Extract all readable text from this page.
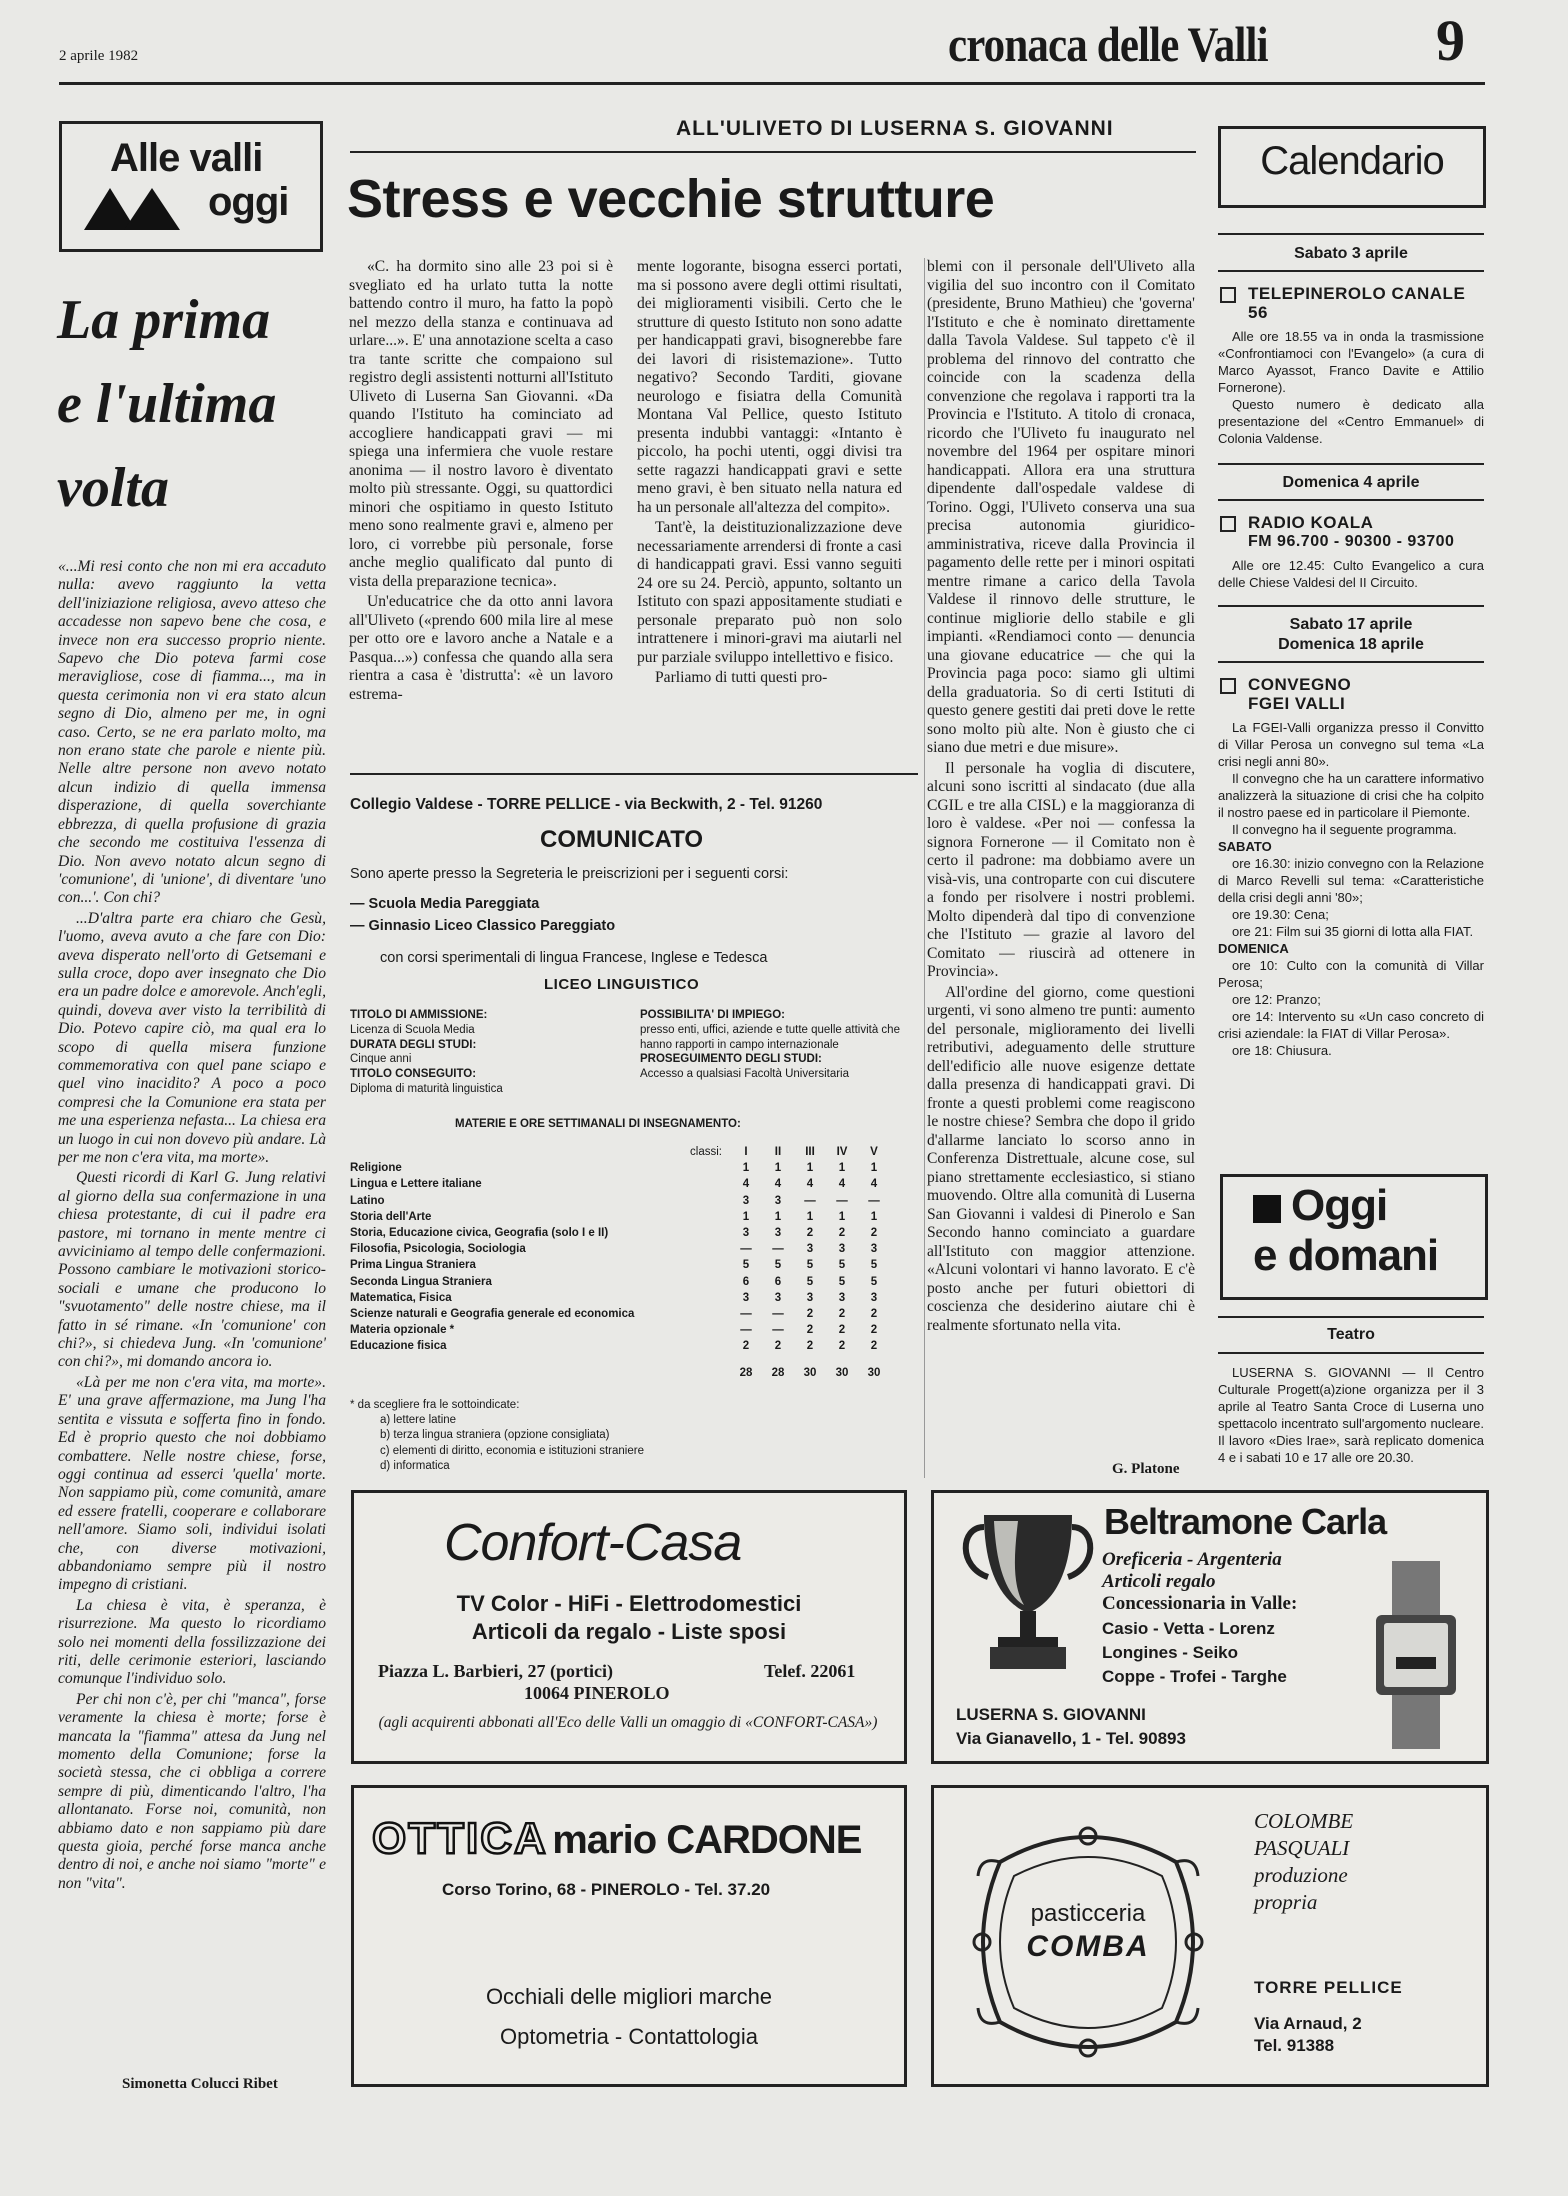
2 aprile 1982	cronaca delle Valli	9
Alle valli
oggi
La prima
e l'ultima
volta

«...Mi resi conto che non mi era accaduto nulla: avevo raggiunto la vetta dell'iniziazione religiosa, avevo atteso che accadesse non sapevo bene che cosa, e invece non era successo proprio niente. Sapevo che Dio poteva farmi cose meravigliose, cose di fiamma..., ma in questa cerimonia non vi era stato alcun segno di Dio, almeno per me, in ogni caso. Certo, se ne era parlato molto, ma non erano state che parole e niente più. Nelle altre persone non avevo notato alcun indizio di quella immensa disperazione, di quella soverchiante ebbrezza, di quella profusione di grazia che secondo me costituiva l'essenza di Dio. Non avevo notato alcun segno di 'comunione', di 'unione', di diventare 'uno con...'. Con chi?

...D'altra parte era chiaro che Gesù, l'uomo, aveva avuto a che fare con Dio: aveva disperato nell'orto di Getsemani e sulla croce, dopo aver insegnato che Dio era un padre dolce e amorevole. Anch'egli, quindi, doveva aver visto la terribilità di Dio. Potevo capire ciò, ma qual era lo scopo di quella misera funzione commemorativa con quel pane sciapo e quel vino inacidito? A poco a poco compresi che la Comunione era stata per me una esperienza nefasta... La chiesa era un luogo in cui non dovevo più andare. Là per me non c'era vita, ma morte».

Questi ricordi di Karl G. Jung relativi al giorno della sua confermazione in una chiesa protestante, di cui il padre era pastore, mi tornano in mente mentre ci avviciniamo al tempo delle confermazioni. Possono cambiare le motivazioni storico-sociali e umane che producono lo "svuotamento" delle nostre chiese, ma il fatto in sé rimane. «In 'comunione' con chi?», si chiedeva Jung. «In 'comunione' con chi?», mi domando ancora io.

«Là per me non c'era vita, ma morte». E' una grave affermazione, ma Jung l'ha sentita e vissuta e sofferta fino in fondo. Ed è proprio questo che noi dobbiamo combattere. Nelle nostre chiese, forse, oggi continua ad esserci 'quella' morte. Non sappiamo più, come comunità, amare ed essere fratelli, cooperare e collaborare nell'amore. Siamo soli, individui isolati che, con diverse motivazioni, abbandoniamo sempre più il nostro impegno di cristiani.

La chiesa è vita, è speranza, è risurrezione. Ma questo lo ricordiamo solo nei momenti della fossilizzazione dei riti, delle cerimonie esteriori, lasciando comunque l'individuo solo.

Per chi non c'è, per chi "manca", forse veramente la chiesa è morte; forse è mancata la "fiamma" attesa da Jung nel momento della Comunione; forse la società stessa, che ci obbliga a correre sempre di più, dimenticando l'altro, l'ha allontanato. Forse noi, comunità, non abbiamo dato e non sappiamo più dare questa gioia, perché forse manca anche dentro di noi, e anche noi siamo "morte" e non "vita".

Simonetta Colucci Ribet
ALL'ULIVETO DI LUSERNA S. GIOVANNI
Stress e vecchie strutture

«C. ha dormito sino alle 23 poi si è svegliato ed ha urlato tutta la notte battendo contro il muro, ha fatto la popò nel mezzo della stanza e continuava ad urlare...». E' una annotazione scelta a caso tra tante scritte che compaiono sul registro degli assistenti notturni all'Istituto Uliveto di Luserna San Giovanni. «Da quando l'Istituto ha cominciato ad accogliere handicappati gravi — mi spiega una infermiera che vuole restare anonima — il nostro lavoro è diventato molto più stressante. Oggi, su quattordici minori che ospitiamo in questo Istituto meno sono realmente gravi e, almeno per loro, ci vorrebbe più personale, forse anche meglio qualificato dal punto di vista della preparazione tecnica».

Un'educatrice che da otto anni lavora all'Uliveto («prendo 600 mila lire al mese per otto ore e lavoro anche a Natale e a Pasqua...») confessa che quando alla sera rientra a casa è 'distrutta': «è un lavoro estrema-

mente logorante, bisogna esserci portati, ma si possono avere degli ottimi risultati, dei miglioramenti visibili. Certo che le strutture di questo Istituto non sono adatte per handicappati gravi, bisognerebbe fare dei lavori di risistemazione». Tutto negativo? Secondo Tarditi, giovane neurologo e fisiatra della Comunità Montana Val Pellice, questo Istituto presenta indubbi vantaggi: «Intanto è piccolo, ha pochi utenti, oggi divisi tra sette ragazzi handicappati gravi e sette meno gravi, è ben situato nella natura ed ha un personale all'altezza del compito».

Tant'è, la deistituzionalizzazione deve necessariamente arrendersi di fronte a casi di handicappati gravi. Essi vanno seguiti 24 ore su 24. Perciò, appunto, soltanto un Istituto con spazi appositamente studiati e personale preparato può non solo intrattenere i minori-gravi ma aiutarli nel pur parziale sviluppo intellettivo e fisico.

Parliamo di tutti questi pro-

blemi con il personale dell'Uliveto alla vigilia del suo incontro con il Comitato (presidente, Bruno Mathieu) che 'governa' l'Istituto e che è nominato direttamente dalla Tavola Valdese. Sul tappeto c'è il problema del rinnovo del contratto che coincide con la scadenza della convenzione che regolava i rapporti tra la Provincia e l'Istituto. A titolo di cronaca, ricordo che l'Uliveto fu inaugurato nel novembre del 1964 per ospitare minori handicappati. Allora era una struttura dipendente dall'ospedale valdese di Torino. Oggi, l'Uliveto conserva una sua precisa autonomia giuridico-amministrativa, riceve dalla Provincia il pagamento delle rette per i minori ospitati mentre rimane a carico della Tavola Valdese il rinnovo delle strutture, le continue migliorie dello stabile e gli impianti. «Rendiamoci conto — denuncia una giovane educatrice — che qui la Provincia paga poco: siamo gli ultimi della graduatoria. So di certi Istituti di questo genere gestiti dai preti dove le rette sono molto più alte. Non è giusto che ci siano due metri e due misure».

Il personale ha voglia di discutere, alcuni sono iscritti al sindacato (due alla CGIL e tre alla CISL) e la maggioranza di loro è valdese. «Per noi — confessa la signora Fornerone — il Comitato non è certo il padrone: ma dobbiamo avere un visà-vis, una controparte con cui discutere a fondo per risolvere i nostri problemi. Molto dipenderà dal tipo di convenzione che l'Istituto — grazie al lavoro del Comitato — riuscirà ad ottenere in Provincia».

All'ordine del giorno, come questioni urgenti, vi sono almeno tre punti: aumento del personale, miglioramento dei livelli retributivi, adeguamento delle strutture dell'edificio alle nuove esigenze dettate dalla presenza di handicappati gravi. Di fronte a questi problemi come reagiscono le nostre chiese? Sembra che dopo il grido d'allarme lanciato lo scorso anno in Conferenza Distrettuale, alcune cose, sul piano strettamente ecclesiastico, si stiano muovendo. Oltre alla comunità di Luserna San Giovanni i valdesi di Pinerolo e San Secondo hanno cominciato a guardare all'Istituto con maggior attenzione. «Alcuni volontari vi hanno lavorato. E c'è posto anche per futuri obiettori di coscienza che desiderino aiutare chi è realmente sfortunato nella vita.

G. Platone
Collegio Valdese - TORRE PELLICE - via Beckwith, 2 - Tel. 91260
COMUNICATO
Sono aperte presso la Segreteria le preiscrizioni per i seguenti corsi:
— Scuola Media Pareggiata
— Ginnasio Liceo Classico Pareggiato
con corsi sperimentali di lingua Francese, Inglese e Tedesca
LICEO LINGUISTICO
TITOLO DI AMMISSIONE:
Licenza di Scuola Media
DURATA DEGLI STUDI:
Cinque anni
TITOLO CONSEGUITO:
Diploma di maturità linguistica
POSSIBILITA' DI IMPIEGO:
presso enti, uffici, aziende e tutte quelle attività che hanno rapporti in campo internazionale
PROSEGUIMENTO DEGLI STUDI:
Accesso a qualsiasi Facoltà Universitaria
MATERIE E ORE SETTIMANALI DI INSEGNAMENTO:
classi:	I	II	III	IV	V
Religione	1	1	1	1	1
Lingua e Lettere italiane	4	4	4	4	4
Latino	3	3	—	—	—
Storia dell'Arte	1	1	1	1	1
Storia, Educazione civica, Geografia (solo I e II)	3	3	2	2	2
Filosofia, Psicologia, Sociologia	—	—	3	3	3
Prima Lingua Straniera	5	5	5	5	5
Seconda Lingua Straniera	6	6	5	5	5
Matematica, Fisica	3	3	3	3	3
Scienze naturali e Geografia generale ed economica	—	—	2	2	2
Materia opzionale *	—	—	2	2	2
Educazione fisica	2	2	2	2	2
28	28	30	30	30
* da scegliere fra le sottoindicate:
a) lettere latine
b) terza lingua straniera (opzione consigliata)
c) elementi di diritto, economia e istituzioni straniere
d) informatica
Calendario
Sabato 3 aprile
TELEPINEROLO CANALE 56

Alle ore 18.55 va in onda la trasmissione «Confrontiamoci con l'Evangelo» (a cura di Marco Ayassot, Franco Davite e Attilio Fornerone).

Questo numero è dedicato alla presentazione del «Centro Emmanuel» di Colonia Valdense.

Domenica 4 aprile
RADIO KOALA
FM 96.700 - 90300 - 93700

Alle ore 12.45: Culto Evangelico a cura delle Chiese Valdesi del II Circuito.

Sabato 17 aprile
Domenica 18 aprile
CONVEGNO
FGEI VALLI

La FGEI-Valli organizza presso il Convitto di Villar Perosa un convegno sul tema «La crisi negli anni 80».

Il convegno che ha un carattere informativo analizzerà la situazione di crisi che ha colpito il nostro paese ed in particolare il Piemonte.

Il convegno ha il seguente programma.

SABATO

ore 16.30: inizio convegno con la Relazione di Marco Revelli sul tema: «Caratteristiche della crisi degli anni '80»;

ore 19.30: Cena;

ore 21: Film sui 35 giorni di lotta alla FIAT.

DOMENICA

ore 10: Culto con la comunità di Villar Perosa;

ore 12: Pranzo;

ore 14: Intervento su «Un caso concreto di crisi aziendale: la FIAT di Villar Perosa».

ore 18: Chiusura.

Oggi
e domani
Teatro

LUSERNA S. GIOVANNI — Il Centro Culturale Progett(a)zione organizza per il 3 aprile al Teatro Santa Croce di Luserna uno spettacolo incentrato sull'argomento nucleare. Il lavoro «Dies Irae», sarà replicato domenica 4 e i sabati 10 e 17 alle ore 20.30.

Confort-Casa
TV Color - HiFi - Elettrodomestici
Articoli da regalo - Liste sposi
Piazza L. Barbieri, 27 (portici)	Telef. 22061
10064 PINEROLO
(agli acquirenti abbonati all'Eco delle Valli un omaggio di «CONFORT-CASA»)
Beltramone Carla
Oreficeria - Argenteria
Articoli regalo
Concessionaria in Valle:
Casio - Vetta - Lorenz
Longines - Seiko
Coppe - Trofei - Targhe
LUSERNA S. GIOVANNI
Via Gianavello, 1 - Tel. 90893
OTTICA mario CARDONE
Corso Torino, 68 - PINEROLO - Tel. 37.20
Occhiali delle migliori marche
Optometria - Contattologia
pasticceria
COMBA
COLOMBE
PASQUALI
produzione
propria
TORRE PELLICE
Via Arnaud, 2
Tel. 91388
